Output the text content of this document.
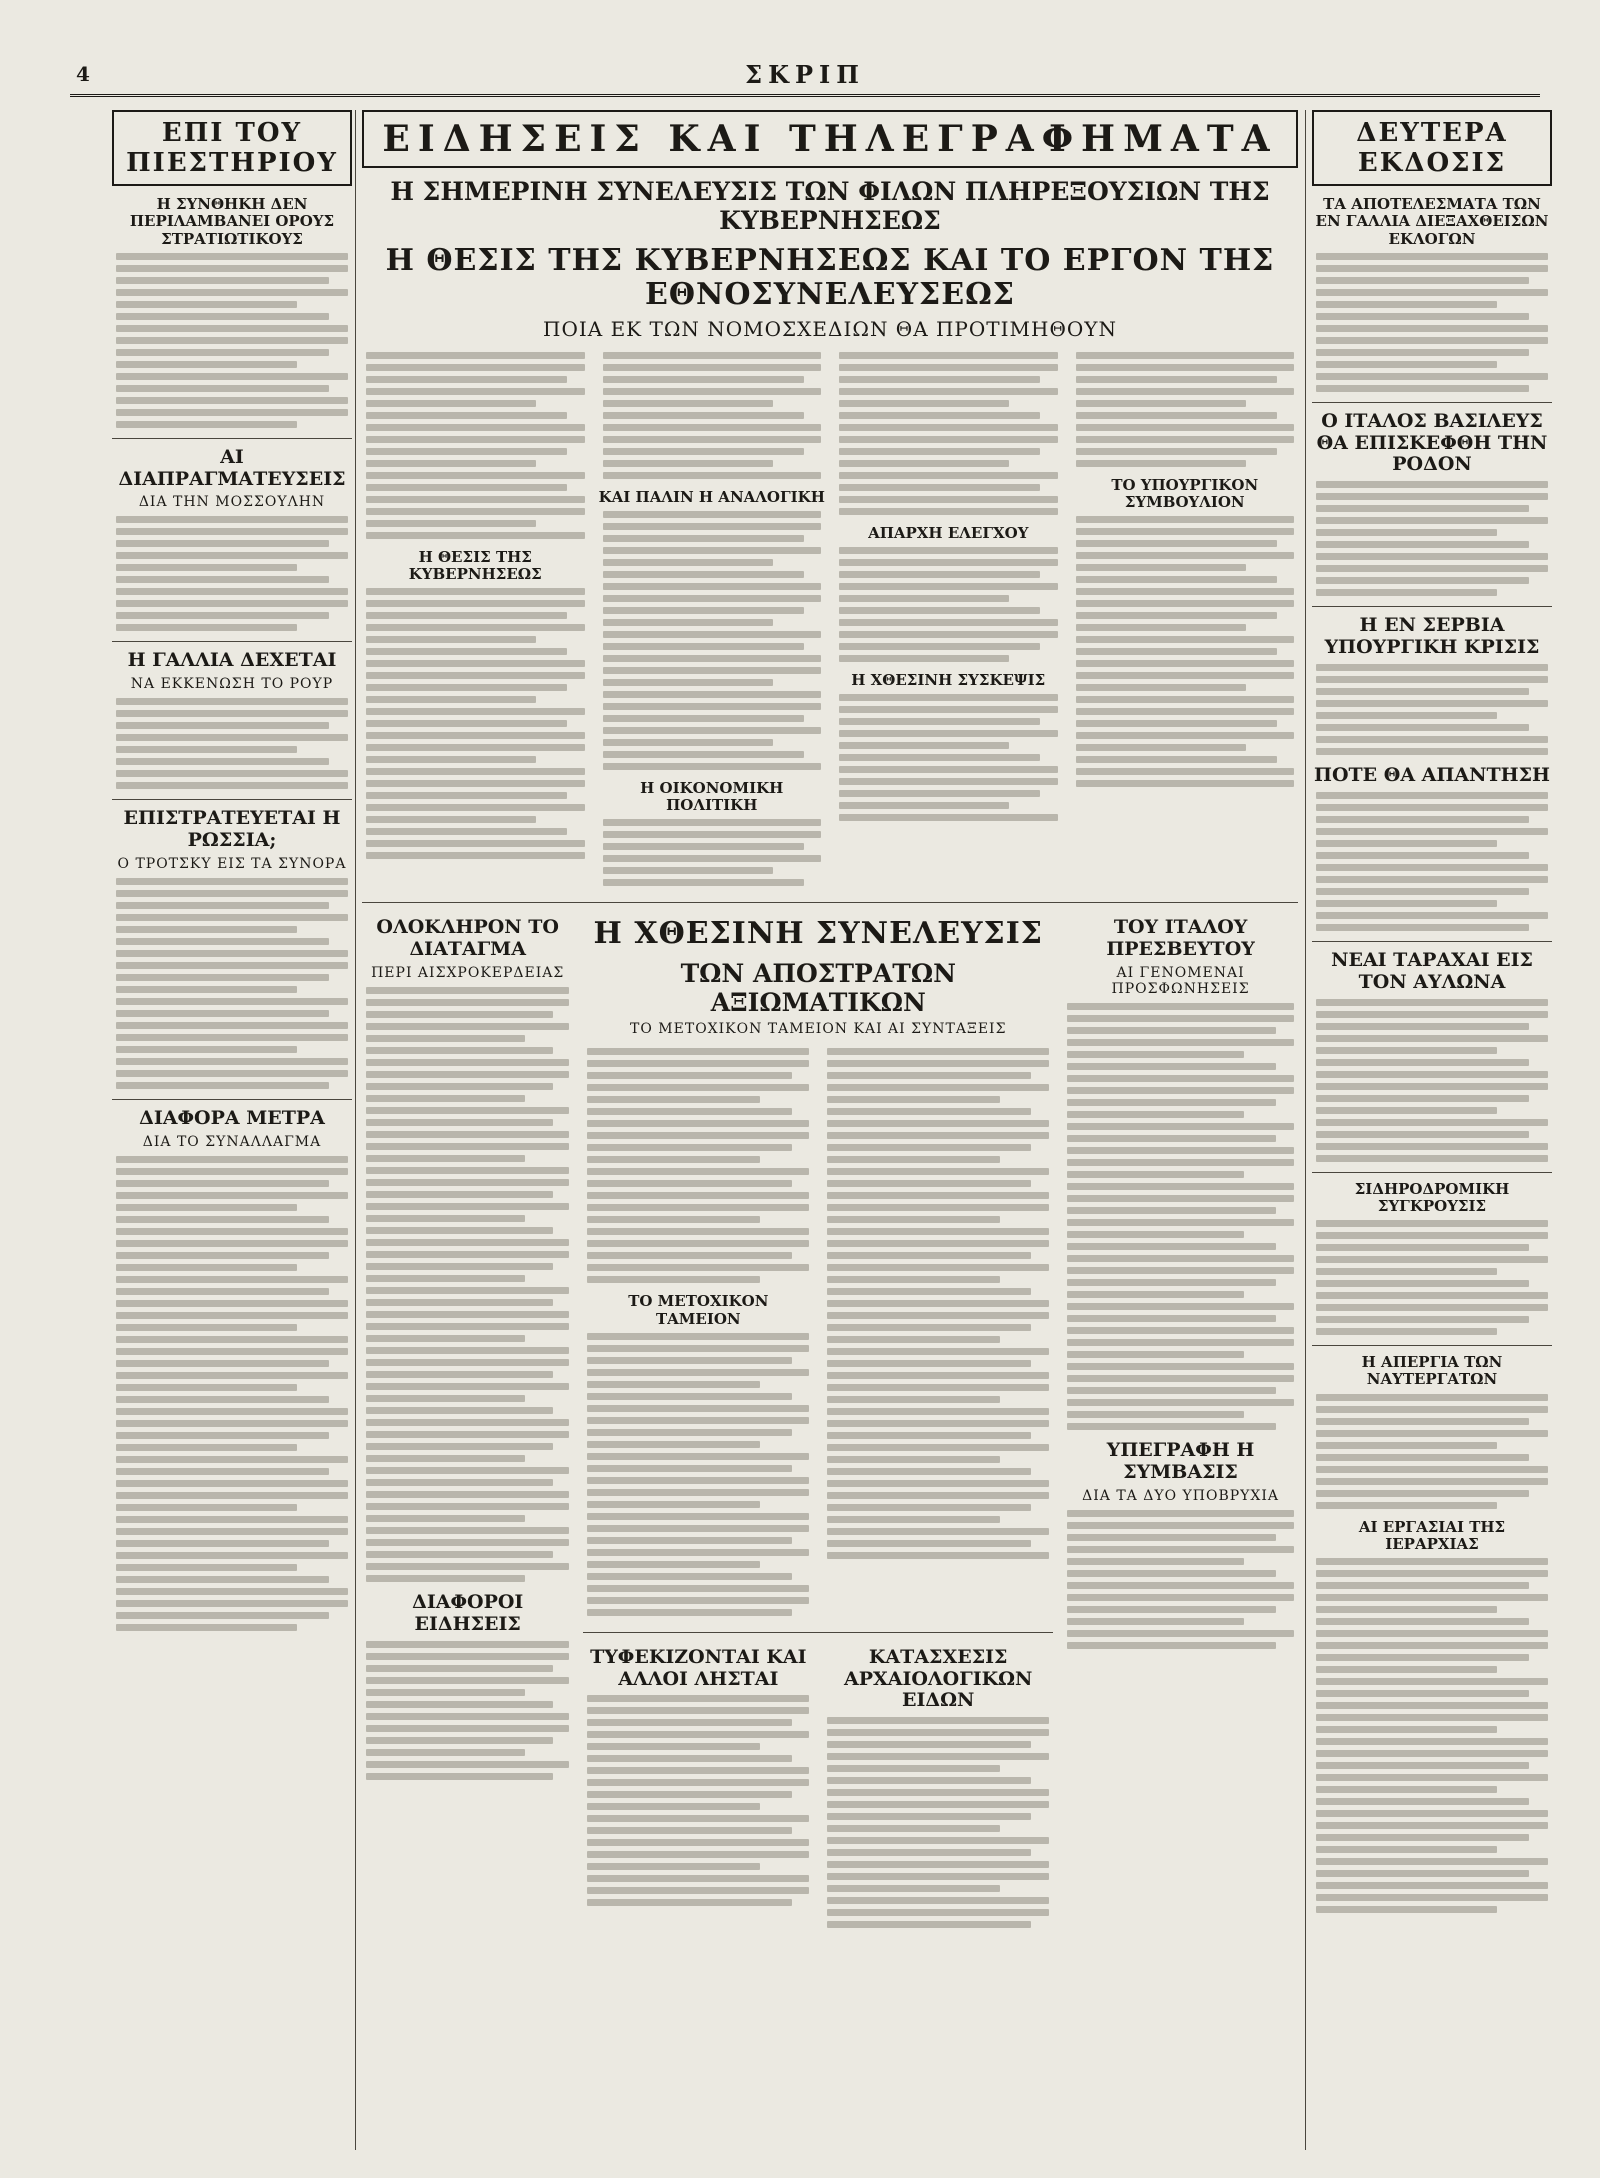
4	ΣΚΡΙΠ
ΕΠΙ ΤΟΥ ΠΙΕΣΤΗΡΙΟΥ
Η ΣΥΝΘΗΚΗ ΔΕΝ ΠΕΡΙΛΑΜΒΑΝΕΙ ΟΡΟΥΣ ΣΤΡΑΤΙΩΤΙΚΟΥΣ
ΑΙ ΔΙΑΠΡΑΓΜΑΤΕΥΣΕΙΣ
ΔΙΑ ΤΗΝ ΜΟΣΣΟΥΛΗΝ
Η ΓΑΛΛΙΑ ΔΕΧΕΤΑΙ
ΝΑ ΕΚΚΕΝΩΣΗ ΤΟ ΡΟΥΡ
ΕΠΙΣΤΡΑΤΕΥΕΤΑΙ Η ΡΩΣΣΙΑ;
Ο ΤΡΟΤΣΚΥ ΕΙΣ ΤΑ ΣΥΝΟΡΑ
ΔΙΑΦΟΡΑ ΜΕΤΡΑ
ΔΙΑ ΤΟ ΣΥΝΑΛΛΑΓΜΑ
ΕΙΔΗΣΕΙΣ ΚΑΙ ΤΗΛΕΓΡΑΦΗΜΑΤΑ
Η ΣΗΜΕΡΙΝΗ ΣΥΝΕΛΕΥΣΙΣ ΤΩΝ ΦΙΛΩΝ ΠΛΗΡΕΞΟΥΣΙΩΝ ΤΗΣ ΚΥΒΕΡΝΗΣΕΩΣ
Η ΘΕΣΙΣ ΤΗΣ ΚΥΒΕΡΝΗΣΕΩΣ ΚΑΙ ΤΟ ΕΡΓΟΝ ΤΗΣ ΕΘΝΟΣΥΝΕΛΕΥΣΕΩΣ
ΠΟΙΑ ΕΚ ΤΩΝ ΝΟΜΟΣΧΕΔΙΩΝ ΘΑ ΠΡΟΤΙΜΗΘΟΥΝ
Η ΘΕΣΙΣ ΤΗΣ ΚΥΒΕΡΝΗΣΕΩΣ
ΚΑΙ ΠΑΛΙΝ Η ΑΝΑΛΟΓΙΚΗ
Η ΟΙΚΟΝΟΜΙΚΗ ΠΟΛΙΤΙΚΗ
ΑΠΑΡΧΗ ΕΛΕΓΧΟΥ
Η ΧΘΕΣΙΝΗ ΣΥΣΚΕΨΙΣ
ΤΟ ΥΠΟΥΡΓΙΚΟΝ ΣΥΜΒΟΥΛΙΟΝ
ΟΛΟΚΛΗΡΟΝ ΤΟ ΔΙΑΤΑΓΜΑ
ΠΕΡΙ ΑΙΣΧΡΟΚΕΡΔΕΙΑΣ
ΔΙΑΦΟΡΟΙ ΕΙΔΗΣΕΙΣ
Η ΧΘΕΣΙΝΗ ΣΥΝΕΛΕΥΣΙΣ
ΤΩΝ ΑΠΟΣΤΡΑΤΩΝ ΑΞΙΩΜΑΤΙΚΩΝ
ΤΟ ΜΕΤΟΧΙΚΟΝ ΤΑΜΕΙΟΝ ΚΑΙ ΑΙ ΣΥΝΤΑΞΕΙΣ
ΤΟ ΜΕΤΟΧΙΚΟΝ ΤΑΜΕΙΟΝ
ΤΥΦΕΚΙΖΟΝΤΑΙ ΚΑΙ ΑΛΛΟΙ ΛΗΣΤΑΙ
ΚΑΤΑΣΧΕΣΙΣ ΑΡΧΑΙΟΛΟΓΙΚΩΝ ΕΙΔΩΝ
ΤΟΥ ΙΤΑΛΟΥ ΠΡΕΣΒΕΥΤΟΥ
ΑΙ ΓΕΝΟΜΕΝΑΙ ΠΡΟΣΦΩΝΗΣΕΙΣ
ΥΠΕΓΡΑΦΗ Η ΣΥΜΒΑΣΙΣ
ΔΙΑ ΤΑ ΔΥΟ ΥΠΟΒΡΥΧΙΑ
ΔΕΥΤΕΡΑ ΕΚΔΟΣΙΣ
ΤΑ ΑΠΟΤΕΛΕΣΜΑΤΑ ΤΩΝ ΕΝ ΓΑΛΛΙΑ ΔΙΕΞΑΧΘΕΙΣΩΝ ΕΚΛΟΓΩΝ
Ο ΙΤΑΛΟΣ ΒΑΣΙΛΕΥΣ ΘΑ ΕΠΙΣΚΕΦΘΗ ΤΗΝ ΡΟΔΟΝ
Η ΕΝ ΣΕΡΒΙΑ ΥΠΟΥΡΓΙΚΗ ΚΡΙΣΙΣ
ΠΟΤΕ ΘΑ ΑΠΑΝΤΗΣΗ
ΝΕΑΙ ΤΑΡΑΧΑΙ ΕΙΣ ΤΟΝ ΑΥΛΩΝΑ
ΣΙΔΗΡΟΔΡΟΜΙΚΗ ΣΥΓΚΡΟΥΣΙΣ
Η ΑΠΕΡΓΙΑ ΤΩΝ ΝΑΥΤΕΡΓΑΤΩΝ
ΑΙ ΕΡΓΑΣΙΑΙ ΤΗΣ ΙΕΡΑΡΧΙΑΣ
